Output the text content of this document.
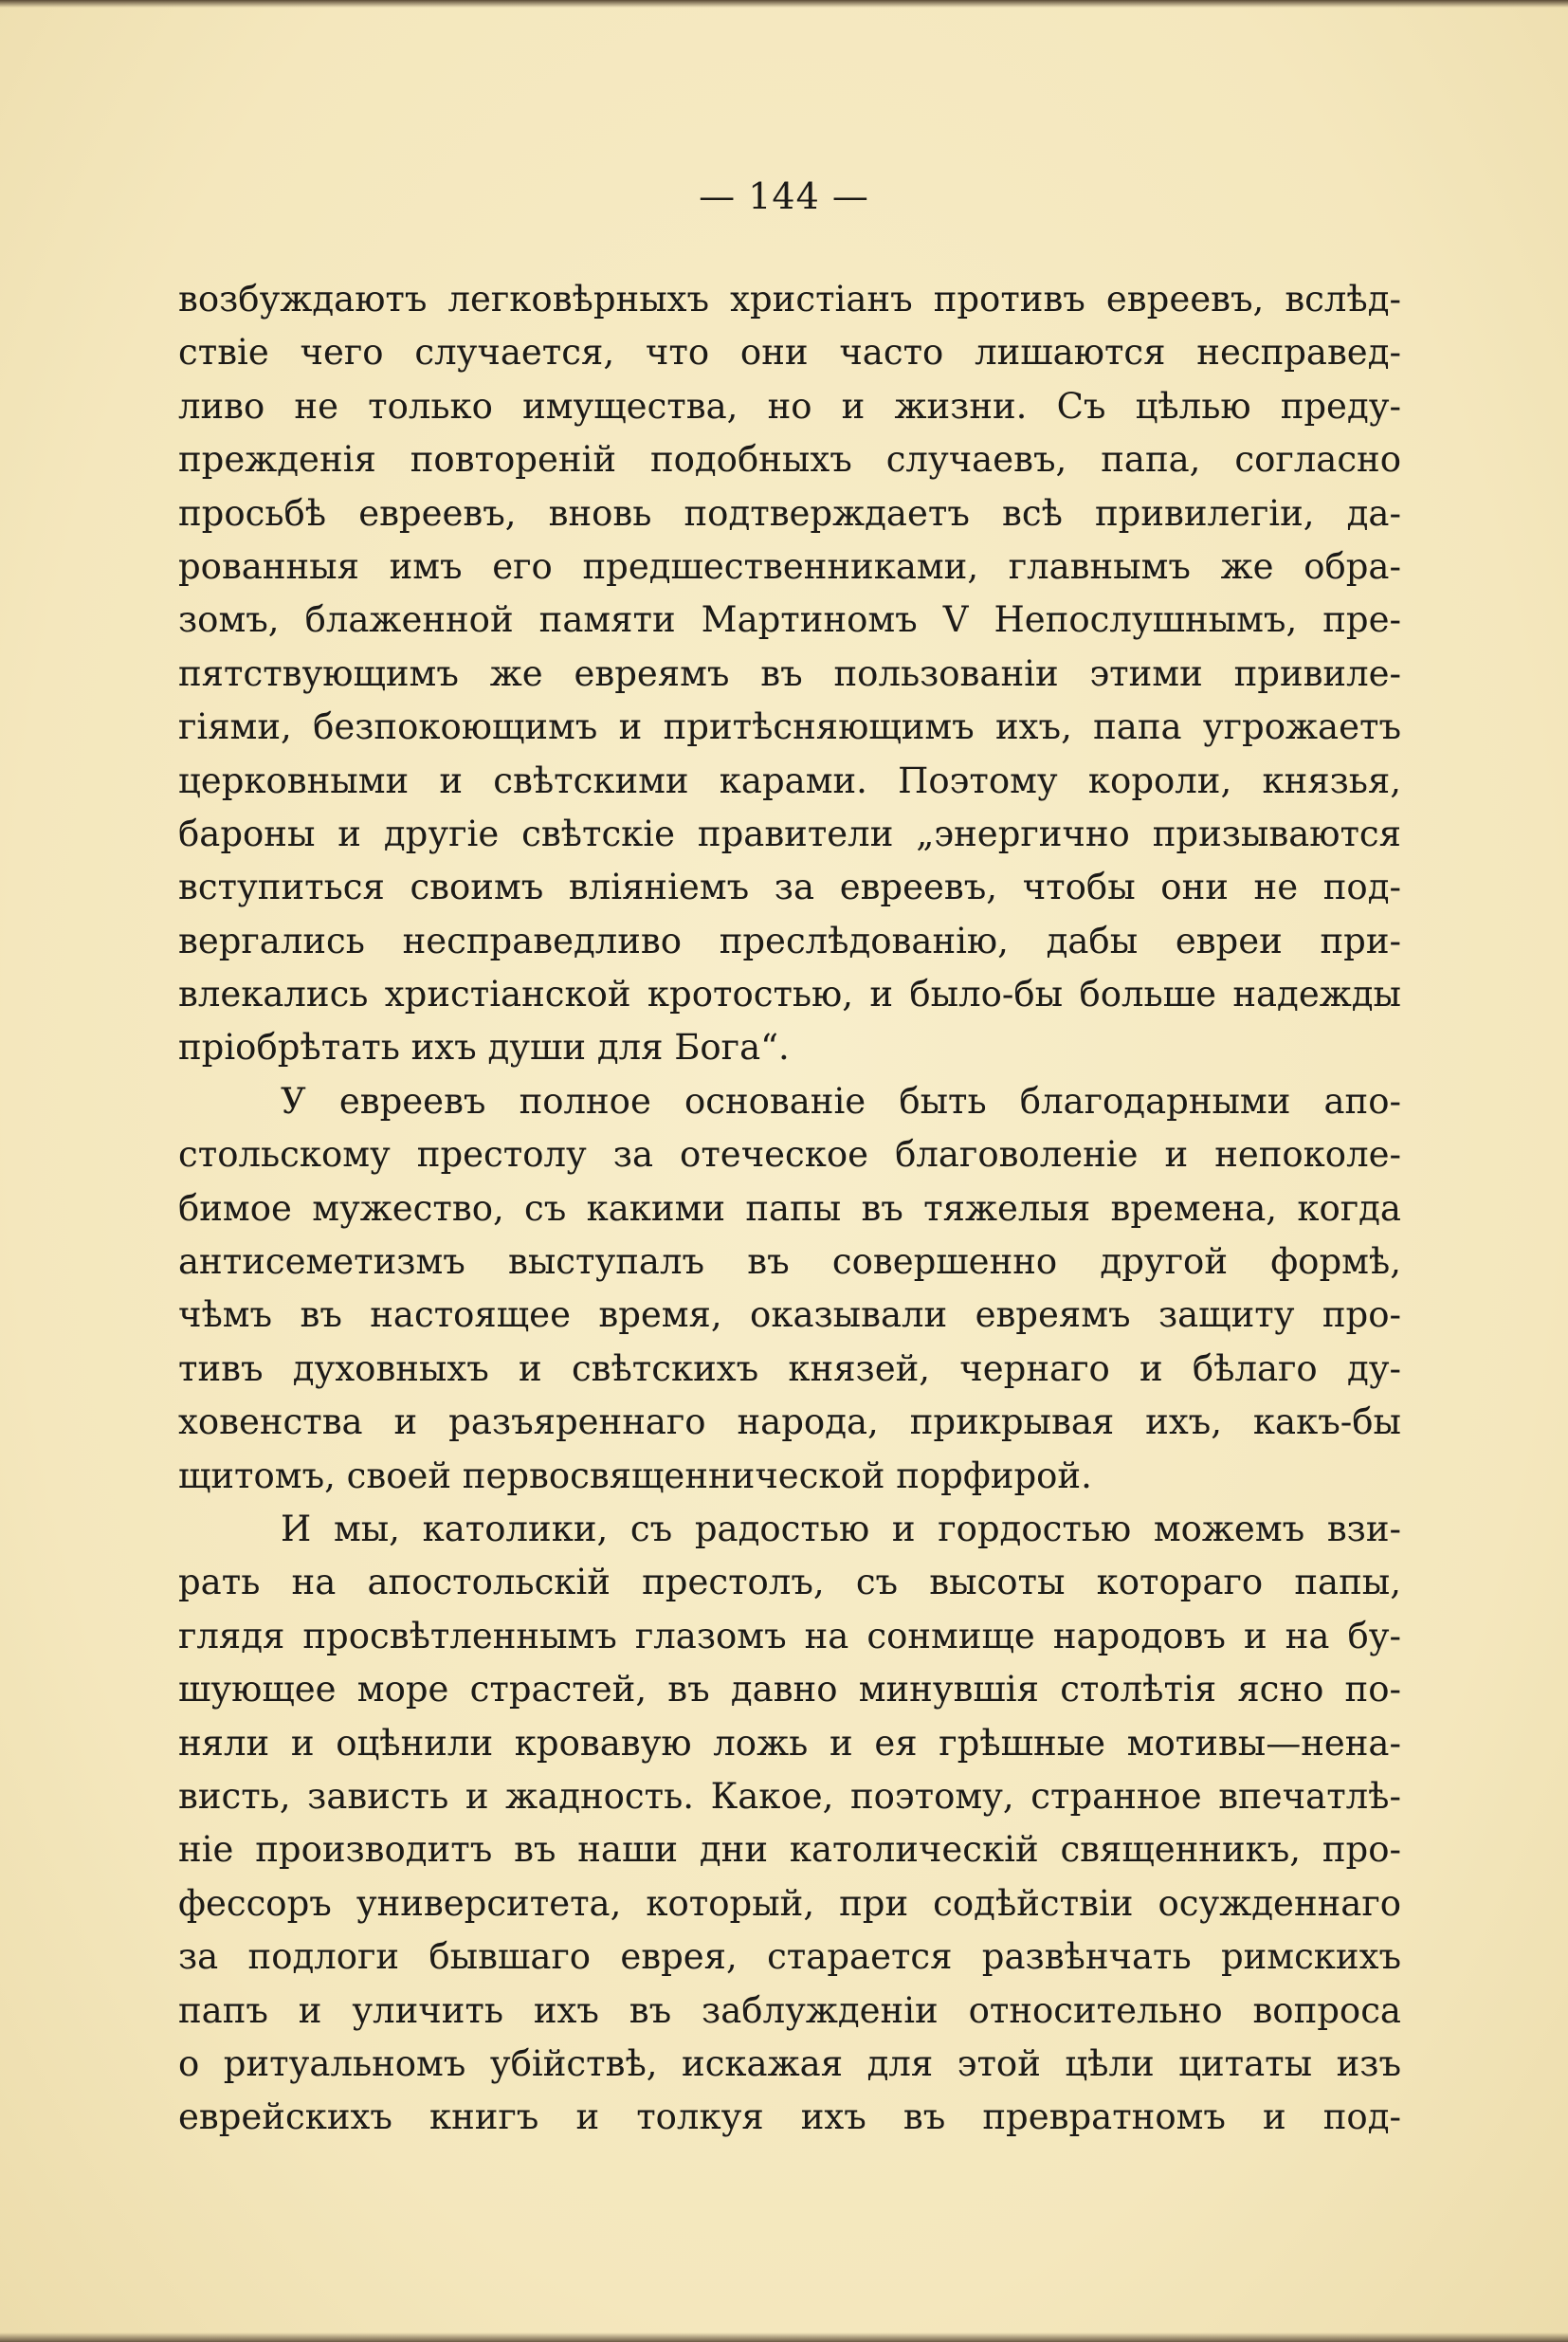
— 144 —
возбуждаютъ легковѣрныхъ христіанъ противъ евреевъ, вслѣд-
ствіе чего случается, что они часто лишаются несправед-
ливо не только имущества, но и жизни. Съ цѣлью преду-
прежденія повтореній подобныхъ случаевъ, папа, согласно
просьбѣ евреевъ, вновь подтверждаетъ всѣ привилегіи, да-
рованныя имъ его предшественниками, главнымъ же обра-
зомъ, блаженной памяти Мартиномъ V Непослушнымъ, пре-
пятствующимъ же евреямъ въ пользованіи этими привиле-
гіями, безпокоющимъ и притѣсняющимъ ихъ, папа угрожаетъ
церковными и свѣтскими карами. Поэтому короли, князья,
бароны и другіе свѣтскіе правители „энергично призываются
вступиться своимъ вліяніемъ за евреевъ, чтобы они не под-
вергались несправедливо преслѣдованію, дабы евреи при-
влекались христіанской кротостью, и было-бы больше надежды
пріобрѣтать ихъ души для Бога“.
У евреевъ полное основаніе быть благодарными апо-
стольскому престолу за отеческое благоволеніе и непоколе-
бимое мужество, съ какими папы въ тяжелыя времена, когда
антисеметизмъ выступалъ въ совершенно другой формѣ,
чѣмъ въ настоящее время, оказывали евреямъ защиту про-
тивъ духовныхъ и свѣтскихъ князей, чернаго и бѣлаго ду-
ховенства и разъяреннаго народа, прикрывая ихъ, какъ-бы
щитомъ, своей первосвященнической порфирой.
И мы, католики, съ радостью и гордостью можемъ взи-
рать на апостольскій престолъ, съ высоты котораго папы,
глядя просвѣтленнымъ глазомъ на сонмище народовъ и на бу-
шующее море страстей, въ давно минувшія столѣтія ясно по-
няли и оцѣнили кровавую ложь и ея грѣшные мотивы—нена-
висть, зависть и жадность. Какое, поэтому, странное впечатлѣ-
ніе производитъ въ наши дни католическій священникъ, про-
фессоръ университета, который, при содѣйствіи осужденнаго
за подлоги бывшаго еврея, старается развѣнчать римскихъ
папъ и уличить ихъ въ заблужденіи относительно вопроса
о ритуальномъ убійствѣ, искажая для этой цѣли цитаты изъ
еврейскихъ книгъ и толкуя ихъ въ превратномъ и под-
